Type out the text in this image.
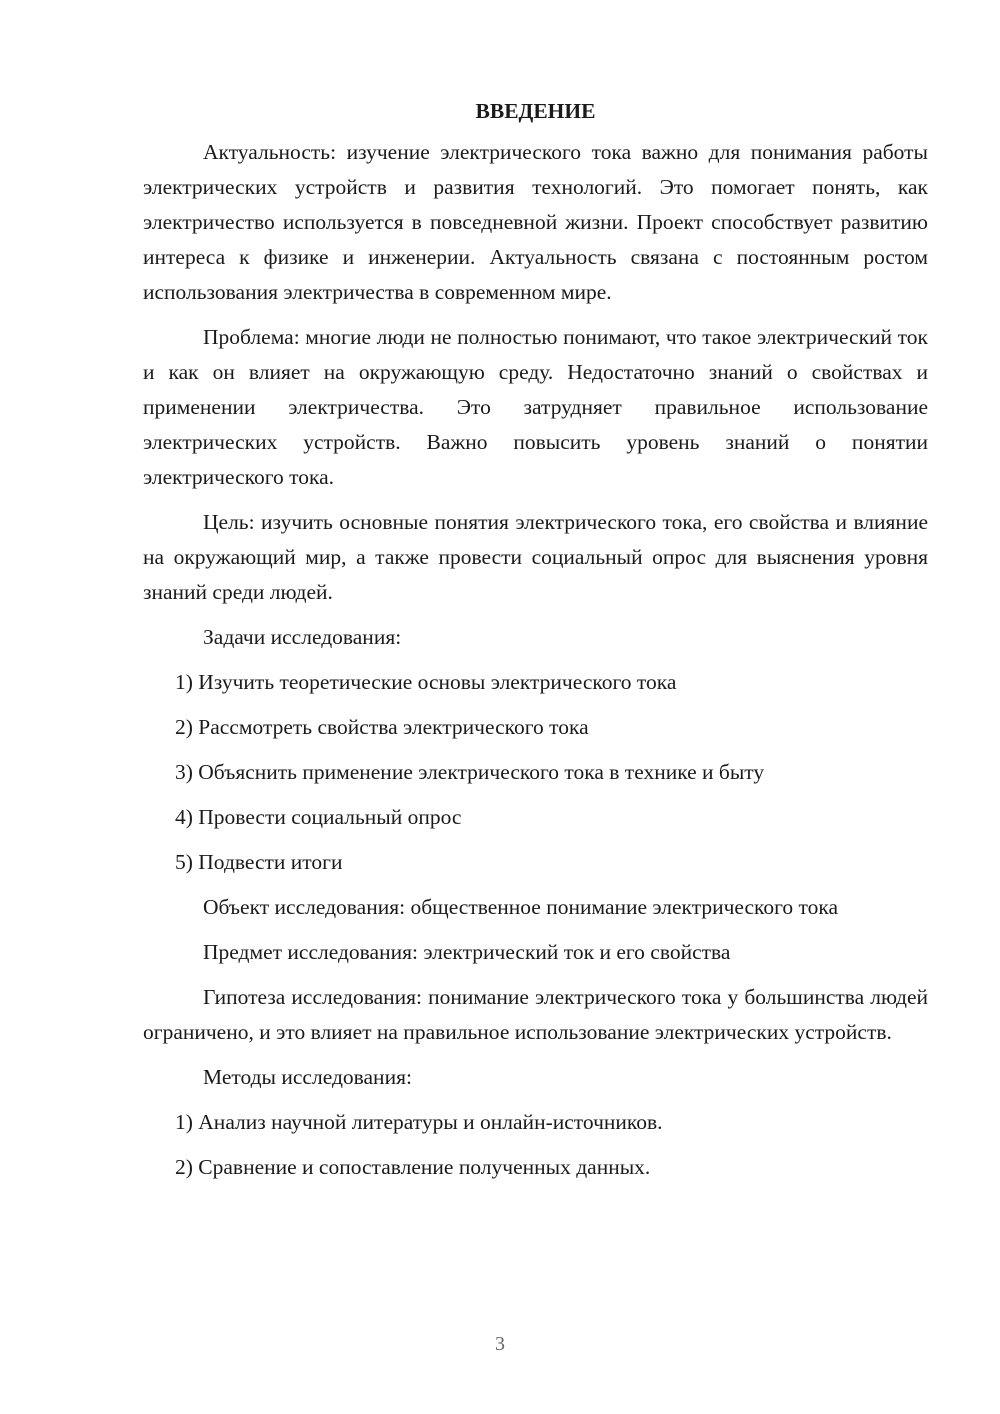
ВВЕДЕНИЕ

Актуальность: изучение электрического тока важно для понимания работы электрических устройств и развития технологий. Это помогает понять, как электричество используется в повседневной жизни. Проект способствует развитию интереса к физике и инженерии. Актуальность связана с постоянным ростом использования электричества в современном мире.

Проблема: многие люди не полностью понимают, что такое электрический ток и как он влияет на окружающую среду. Недостаточно знаний о свойствах и применении электричества. Это затрудняет правильное использование электрических устройств. Важно повысить уровень знаний о понятии электрического тока.

Цель: изучить основные понятия электрического тока, его свойства и влияние на окружающий мир, а также провести социальный опрос для выяснения уровня знаний среди людей.

Задачи исследования:

1) Изучить теоретические основы электрического тока
2) Рассмотреть свойства электрического тока
3) Объяснить применение электрического тока в технике и быту
4) Провести социальный опрос
5) Подвести итоги

Объект исследования: общественное понимание электрического тока

Предмет исследования: электрический ток и его свойства

Гипотеза исследования: понимание электрического тока у большинства людей ограничено, и это влияет на правильное использование электрических устройств.

Методы исследования:

1) Анализ научной литературы и онлайн-источников.
2) Сравнение и сопоставление полученных данных.
3
